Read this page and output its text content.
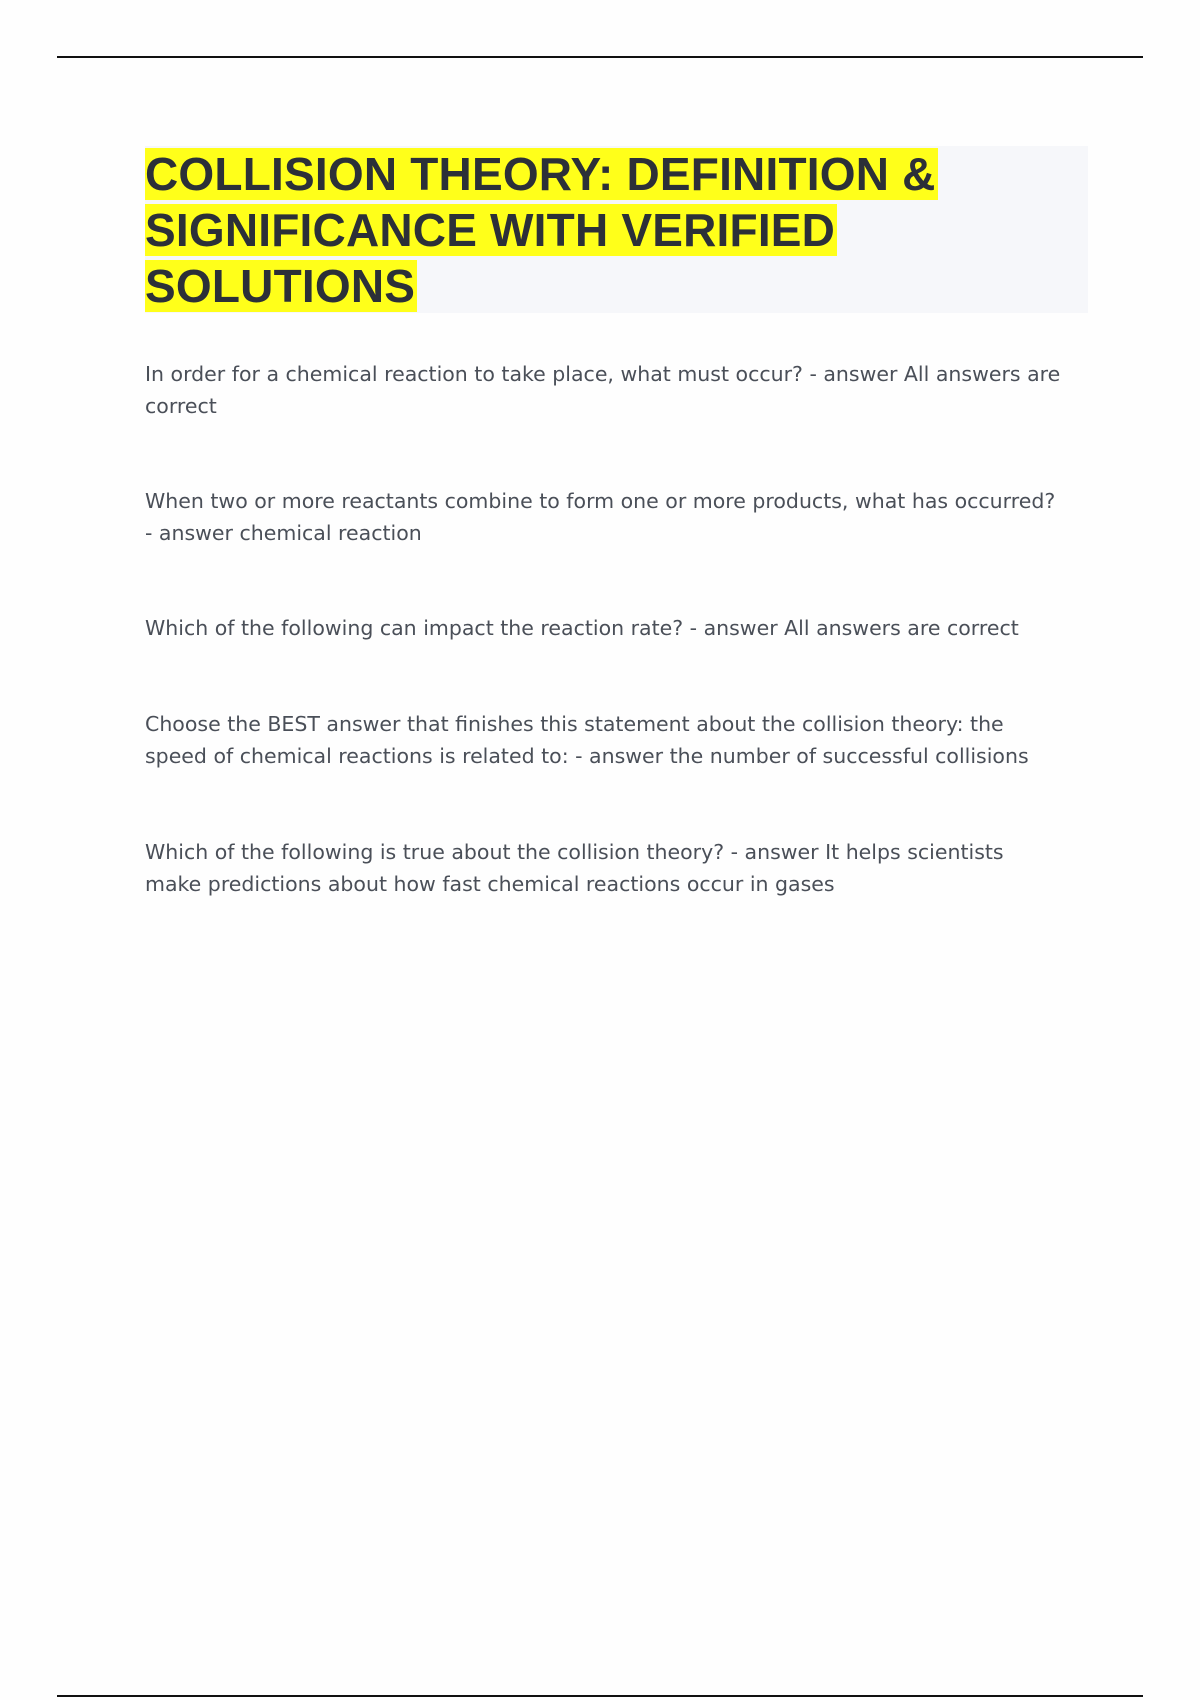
COLLISION THEORY: DEFINITION & SIGNIFICANCE WITH VERIFIED SOLUTIONS
In order for a chemical reaction to take place, what must occur? - answer All answers are correct
When two or more reactants combine to form one or more products, what has occurred? - answer chemical reaction
Which of the following can impact the reaction rate? - answer All answers are correct
Choose the BEST answer that finishes this statement about the collision theory: the speed of chemical reactions is related to: - answer the number of successful collisions
Which of the following is true about the collision theory? - answer It helps scientists make predictions about how fast chemical reactions occur in gases
